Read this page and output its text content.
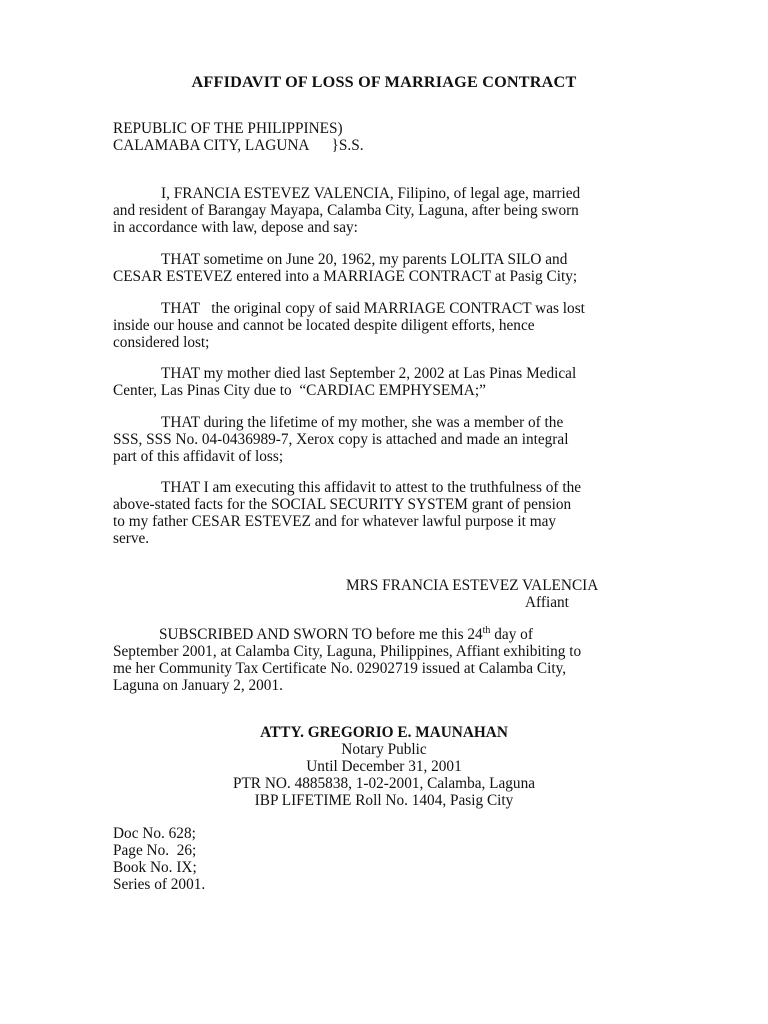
AFFIDAVIT OF LOSS OF MARRIAGE CONTRACT
REPUBLIC OF THE PHILIPPINES)
CALAMABA CITY, LAGUNA      }S.S.
I, FRANCIA ESTEVEZ VALENCIA, Filipino, of legal age, married
and resident of Barangay Mayapa, Calamba City, Laguna, after being sworn
in accordance with law, depose and say:
THAT sometime on June 20, 1962, my parents LOLITA SILO and
CESAR ESTEVEZ entered into a MARRIAGE CONTRACT at Pasig City;
THAT   the original copy of said MARRIAGE CONTRACT was lost
inside our house and cannot be located despite diligent efforts, hence
considered lost;
THAT my mother died last September 2, 2002 at Las Pinas Medical
Center, Las Pinas City due to  “CARDIAC EMPHYSEMA;”
THAT during the lifetime of my mother, she was a member of the
SSS, SSS No. 04-0436989-7, Xerox copy is attached and made an integral
part of this affidavit of loss;
THAT I am executing this affidavit to attest to the truthfulness of the
above-stated facts for the SOCIAL SECURITY SYSTEM grant of pension
to my father CESAR ESTEVEZ and for whatever lawful purpose it may
serve.
MRS FRANCIA ESTEVEZ VALENCIA
Affiant
SUBSCRIBED AND SWORN TO before me this 24th day of
September 2001, at Calamba City, Laguna, Philippines, Affiant exhibiting to
me her Community Tax Certificate No. 02902719 issued at Calamba City,
Laguna on January 2, 2001.
ATTY. GREGORIO E. MAUNAHAN
Notary Public
Until December 31, 2001
PTR NO. 4885838, 1-02-2001, Calamba, Laguna
IBP LIFETIME Roll No. 1404, Pasig City
Doc No. 628;
Page No.  26;
Book No. IX;
Series of 2001.
